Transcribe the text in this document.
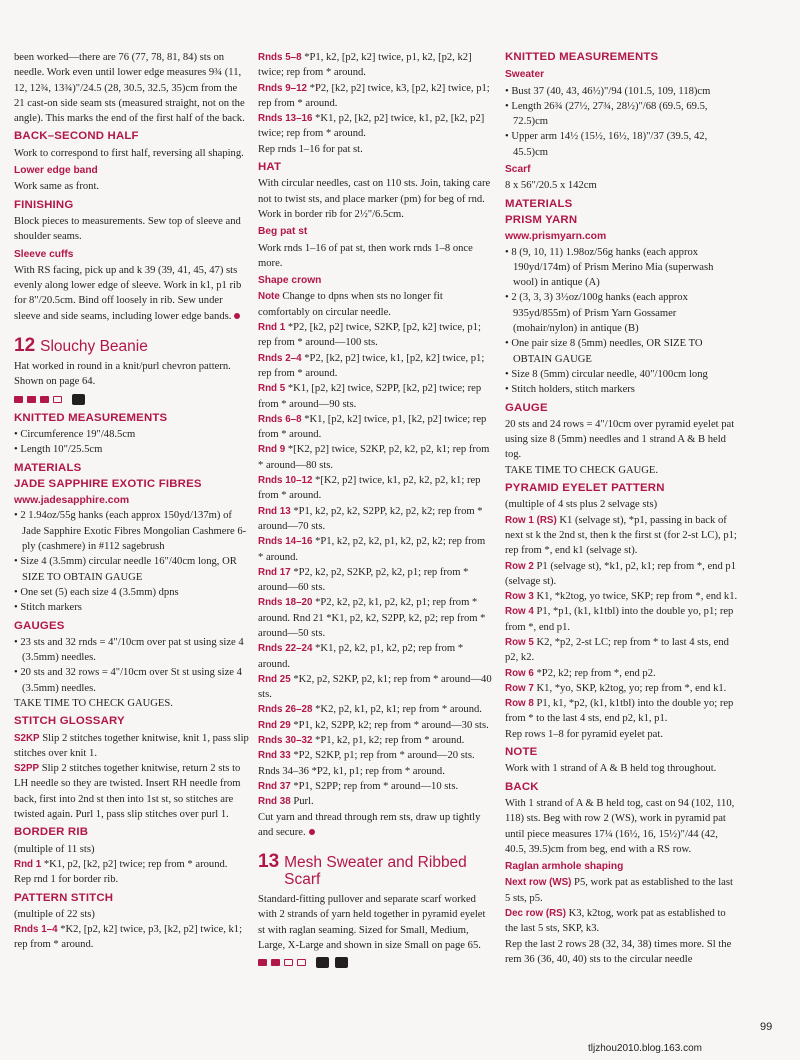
been worked—there are 76 (77, 78, 81, 84) sts on needle. Work even until lower edge measures 9¾ (11, 12, 12¾, 13¾)"/24.5 (28, 30.5, 32.5, 35)cm from the 21 cast-on side seam sts (measured straight, not on the angle). This marks the end of the first half of the back.

BACK–SECOND HALF

Work to correspond to first half, reversing all shaping.

Lower edge band

Work same as front.

FINISHING

Block pieces to measurements. Sew top of sleeve and shoulder seams.

Sleeve cuffs

With RS facing, pick up and k 39 (39, 41, 45, 47) sts evenly along lower edge of sleeve. Work in k1, p1 rib for 8"/20.5cm. Bind off loosely in rib. Sew under sleeve and side seams, including lower edge bands.

12 Slouchy Beanie

Hat worked in round in a knit/purl chevron pattern. Shown on page 64.

KNITTED MEASUREMENTS
• Circumference 19"/48.5cm
• Length 10"/25.5cm
MATERIALS
JADE SAPPHIRE EXOTIC FIBRES
www.jadesapphire.com
• 2 1.94oz/55g hanks (each approx 150yd/137m) of Jade Sapphire Exotic Fibres Mongolian Cashmere 6-ply (cashmere) in #112 sagebrush
• Size 4 (3.5mm) circular needle 16"/40cm long, OR SIZE TO OBTAIN GAUGE
• One set (5) each size 4 (3.5mm) dpns
• Stitch markers
GAUGES
• 23 sts and 32 rnds = 4"/10cm over pat st using size 4 (3.5mm) needles.
• 20 sts and 32 rows = 4"/10cm over St st using size 4 (3.5mm) needles.

TAKE TIME TO CHECK GAUGES.

STITCH GLOSSARY

S2KP Slip 2 stitches together knitwise, knit 1, pass slip stitches over knit 1.

S2PP Slip 2 stitches together knitwise, return 2 sts to LH needle so they are twisted. Insert RH needle from back, first into 2nd st then into 1st st, so stitches are twisted again. Purl 1, pass slip stitches over purl 1.

BORDER RIB

(multiple of 11 sts)

Rnd 1 *K1, p2, [k2, p2] twice; rep from * around.

Rep rnd 1 for border rib.

PATTERN STITCH

(multiple of 22 sts)

Rnds 1–4 *K2, [p2, k2] twice, p3, [k2, p2] twice, k1; rep from * around.

Rnds 5–8 *P1, k2, [p2, k2] twice, p1, k2, [p2, k2] twice; rep from * around.

Rnds 9–12 *P2, [k2, p2] twice, k3, [p2, k2] twice, p1; rep from * around.

Rnds 13–16 *K1, p2, [k2, p2] twice, k1, p2, [k2, p2] twice; rep from * around.

Rep rnds 1–16 for pat st.

HAT

With circular needles, cast on 110 sts. Join, taking care not to twist sts, and place marker (pm) for beg of rnd. Work in border rib for 2½"/6.5cm.

Beg pat st

Work rnds 1–16 of pat st, then work rnds 1–8 once more.

Shape crown

Note Change to dpns when sts no longer fit comfortably on circular needle.

Rnd 1 *P2, [k2, p2] twice, S2KP, [p2, k2] twice, p1; rep from * around—100 sts.

Rnds 2–4 *P2, [k2, p2] twice, k1, [p2, k2] twice, p1; rep from * around.

Rnd 5 *K1, [p2, k2] twice, S2PP, [k2, p2] twice; rep from * around—90 sts.

Rnds 6–8 *K1, [p2, k2] twice, p1, [k2, p2] twice; rep from * around.

Rnd 9 *[K2, p2] twice, S2KP, p2, k2, p2, k1; rep from * around—80 sts.

Rnds 10–12 *[K2, p2] twice, k1, p2, k2, p2, k1; rep from * around.

Rnd 13 *P1, k2, p2, k2, S2PP, k2, p2, k2; rep from * around—70 sts.

Rnds 14–16 *P1, k2, p2, k2, p1, k2, p2, k2; rep from * around.

Rnd 17 *P2, k2, p2, S2KP, p2, k2, p1; rep from * around—60 sts.

Rnds 18–20 *P2, k2, p2, k1, p2, k2, p1; rep from * around. Rnd 21 *K1, p2, k2, S2PP, k2, p2; rep from * around—50 sts.

Rnds 22–24 *K1, p2, k2, p1, k2, p2; rep from * around.

Rnd 25 *K2, p2, S2KP, p2, k1; rep from * around—40 sts.

Rnds 26–28 *K2, p2, k1, p2, k1; rep from * around.

Rnd 29 *P1, k2, S2PP, k2; rep from * around—30 sts.

Rnds 30–32 *P1, k2, p1, k2; rep from * around.

Rnd 33 *P2, S2KP, p1; rep from * around—20 sts. Rnds 34–36 *P2, k1, p1; rep from * around.

Rnd 37 *P1, S2PP; rep from * around—10 sts.

Rnd 38 Purl.

Cut yarn and thread through rem sts, draw up tightly and secure.

13 Mesh Sweater and Ribbed Scarf

Standard-fitting pullover and separate scarf worked with 2 strands of yarn held together in pyramid eyelet st with raglan seaming. Sized for Small, Medium, Large, X-Large and shown in size Small on page 65.

KNITTED MEASUREMENTS
Sweater
• Bust 37 (40, 43, 46½)"/94 (101.5, 109, 118)cm
• Length 26¾ (27½, 27¾, 28½)"/68 (69.5, 69.5, 72.5)cm
• Upper arm 14½ (15½, 16½, 18)"/37 (39.5, 42, 45.5)cm
Scarf

8 x 56"/20.5 x 142cm

MATERIALS
PRISM YARN
www.prismyarn.com
• 8 (9, 10, 11) 1.98oz/56g hanks (each approx 190yd/174m) of Prism Merino Mia (superwash wool) in antique (A)
• 2 (3, 3, 3) 3½oz/100g hanks (each approx 935yd/855m) of Prism Yarn Gossamer (mohair/nylon) in antique (B)
• One pair size 8 (5mm) needles, OR SIZE TO OBTAIN GAUGE
• Size 8 (5mm) circular needle, 40"/100cm long
• Stitch holders, stitch markers
GAUGE

20 sts and 24 rows = 4"/10cm over pyramid eyelet pat using size 8 (5mm) needles and 1 strand A & B held tog.

TAKE TIME TO CHECK GAUGE.

PYRAMID EYELET PATTERN

(multiple of 4 sts plus 2 selvage sts)

Row 1 (RS) K1 (selvage st), *p1, passing in back of next st k the 2nd st, then k the first st (for 2-st LC), p1; rep from *, end k1 (selvage st).

Row 2 P1 (selvage st), *k1, p2, k1; rep from *, end p1 (selvage st).

Row 3 K1, *k2tog, yo twice, SKP; rep from *, end k1.

Row 4 P1, *p1, (k1, k1tbl) into the double yo, p1; rep from *, end p1.

Row 5 K2, *p2, 2-st LC; rep from * to last 4 sts, end p2, k2.

Row 6 *P2, k2; rep from *, end p2.

Row 7 K1, *yo, SKP, k2tog, yo; rep from *, end k1.

Row 8 P1, k1, *p2, (k1, k1tbl) into the double yo; rep from * to the last 4 sts, end p2, k1, p1.

Rep rows 1–8 for pyramid eyelet pat.

NOTE

Work with 1 strand of A & B held tog throughout.

BACK

With 1 strand of A & B held tog, cast on 94 (102, 110, 118) sts. Beg with row 2 (WS), work in pyramid pat until piece measures 17¼ (16½, 16, 15½)"/44 (42, 40.5, 39.5)cm from beg, end with a RS row.

Raglan armhole shaping

Next row (WS) P5, work pat as established to the last 5 sts, p5.

Dec row (RS) K3, k2tog, work pat as established to the last 5 sts, SKP, k3.

Rep the last 2 rows 28 (32, 34, 38) times more. Sl the rem 36 (36, 40, 40) sts to the circular needle

99
tljzhou2010.blog.163.com
